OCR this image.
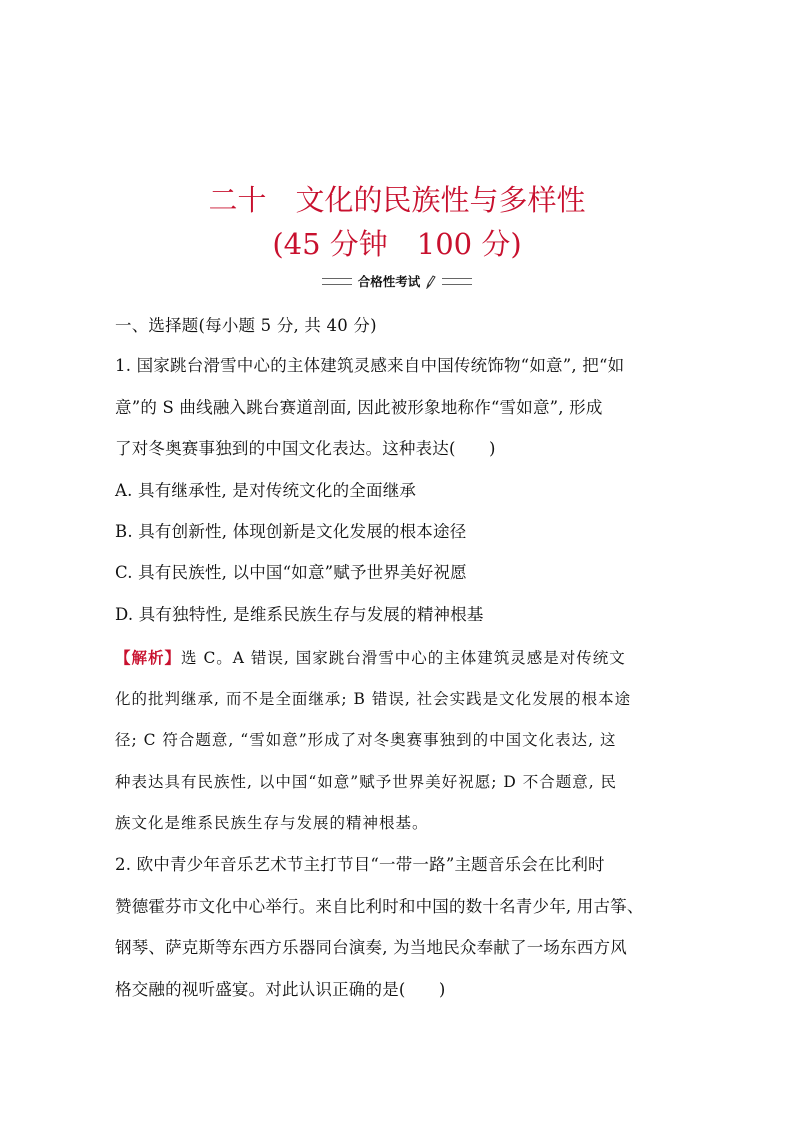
二十　文化的民族性与多样性
(45 分钟　100 分)
合格性考试
一、选择题(每小题 5 分, 共 40 分)
1. 国家跳台滑雪中心的主体建筑灵感来自中国传统饰物“如意”, 把“如
意”的 S 曲线融入跳台赛道剖面, 因此被形象地称作“雪如意”, 形成
了对冬奥赛事独到的中国文化表达。这种表达(　　)
A. 具有继承性, 是对传统文化的全面继承
B. 具有创新性, 体现创新是文化发展的根本途径
C. 具有民族性, 以中国“如意”赋予世界美好祝愿
D. 具有独特性, 是维系民族生存与发展的精神根基
【解析】选 C。A 错误, 国家跳台滑雪中心的主体建筑灵感是对传统文
化的批判继承, 而不是全面继承; B 错误, 社会实践是文化发展的根本途
径; C 符合题意, “雪如意”形成了对冬奥赛事独到的中国文化表达, 这
种表达具有民族性, 以中国“如意”赋予世界美好祝愿; D 不合题意, 民
族文化是维系民族生存与发展的精神根基。
2. 欧中青少年音乐艺术节主打节目“一带一路”主题音乐会在比利时
赞德霍芬市文化中心举行。来自比利时和中国的数十名青少年, 用古筝、
钢琴、萨克斯等东西方乐器同台演奏, 为当地民众奉献了一场东西方风
格交融的视听盛宴。对此认识正确的是(　　)
